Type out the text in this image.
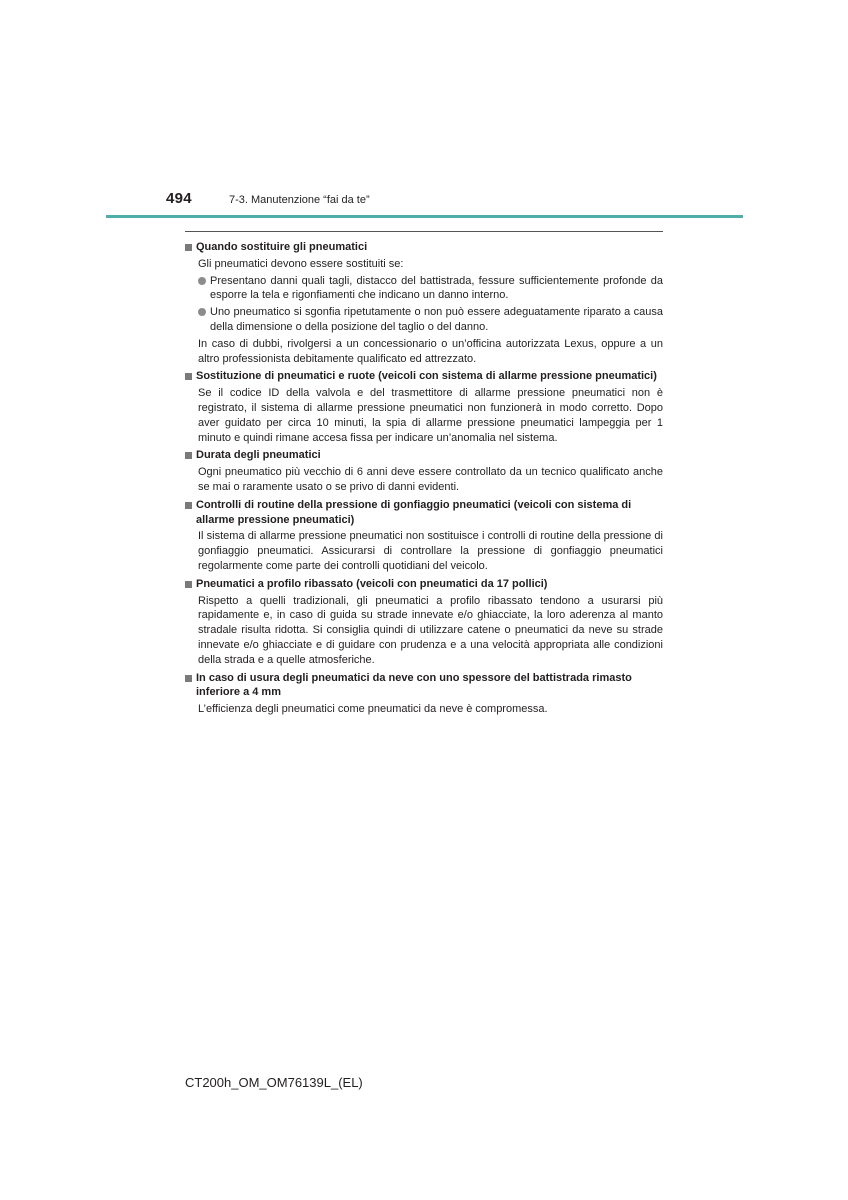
494	7-3. Manutenzione “fai da te”
Quando sostituire gli pneumatici
Gli pneumatici devono essere sostituiti se:
Presentano danni quali tagli, distacco del battistrada, fessure sufficientemente profonde da esporre la tela e rigonfiamenti che indicano un danno interno.
Uno pneumatico si sgonfia ripetutamente o non può essere adeguatamente riparato a causa della dimensione o della posizione del taglio o del danno.
In caso di dubbi, rivolgersi a un concessionario o un’officina autorizzata Lexus, oppure a un altro professionista debitamente qualificato ed attrezzato.
Sostituzione di pneumatici e ruote (veicoli con sistema di allarme pressione pneumatici)
Se il codice ID della valvola e del trasmettitore di allarme pressione pneumatici non è registrato, il sistema di allarme pressione pneumatici non funzionerà in modo corretto. Dopo aver guidato per circa 10 minuti, la spia di allarme pressione pneumatici lampeggia per 1 minuto e quindi rimane accesa fissa per indicare un’anomalia nel sistema.
Durata degli pneumatici
Ogni pneumatico più vecchio di 6 anni deve essere controllato da un tecnico qualificato anche se mai o raramente usato o se privo di danni evidenti.
Controlli di routine della pressione di gonfiaggio pneumatici (veicoli con sistema di allarme pressione pneumatici)
Il sistema di allarme pressione pneumatici non sostituisce i controlli di routine della pressione di gonfiaggio pneumatici. Assicurarsi di controllare la pressione di gonfiaggio pneumatici regolarmente come parte dei controlli quotidiani del veicolo.
Pneumatici a profilo ribassato (veicoli con pneumatici da 17 pollici)
Rispetto a quelli tradizionali, gli pneumatici a profilo ribassato tendono a usurarsi più rapidamente e, in caso di guida su strade innevate e/o ghiacciate, la loro aderenza al manto stradale risulta ridotta. Si consiglia quindi di utilizzare catene o pneumatici da neve su strade innevate e/o ghiacciate e di guidare con prudenza e a una velocità appropriata alle condizioni della strada e a quelle atmosferiche.
In caso di usura degli pneumatici da neve con uno spessore del battistrada rimasto inferiore a 4 mm
L’efficienza degli pneumatici come pneumatici da neve è compromessa.
CT200h_OM_OM76139L_(EL)
